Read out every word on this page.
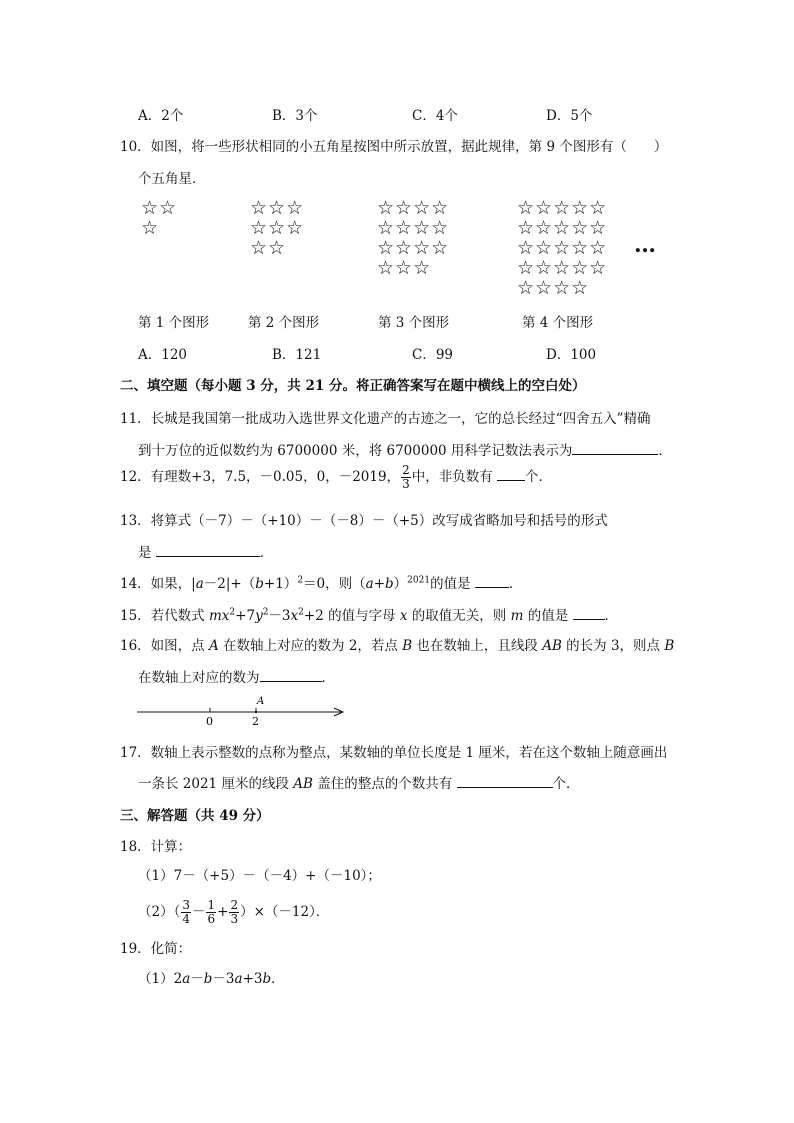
A．2个	B．3个	C．4个	D．5个
10．如图，将一些形状相同的小五角星按图中所示放置，据此规律，第 9 个图形有（　　）
个五角星．
☆☆
☆
☆☆☆
☆☆☆
☆☆
☆☆☆☆
☆☆☆☆
☆☆☆☆
☆☆☆
☆☆☆☆☆
☆☆☆☆☆
☆☆☆☆☆
☆☆☆☆☆
☆☆☆☆
…
第 1 个图形	第 2 个图形	第 3 个图形	第 4 个图形
A．120	B．121	C．99	D．100
二、填空题（每小题 3 分，共 21 分。将正确答案写在题中横线上的空白处）
11．长城是我国第一批成功入选世界文化遗产的古迹之一，它的总长经过“四舍五入”精确
到十万位的近似数约为 6700000 米，将 6700000 用科学记数法表示为	．
12．有理数+3，7.5，－0.05，0，－2019， $\frac{2}{3}$ 中，非负数有 个．
13．将算式（－7）－（+10）－（－8）－（+5）改写成省略加号和括号的形式
是	．
14．如果，$|a-2|+(b+1)^2=0$，则$(a+b)^{2021}$的值是	．
15．若代数式 $mx^2+7y^2-3x^2+2$ 的值与字母 x 的取值无关，则 m 的值是 ．
16．如图，点 A 在数轴上对应的数为 2，若点 B 也在数轴上，且线段 AB 的长为 3，则点 B
在数轴上对应的数为	．
A
0	2
17．数轴上表示整数的点称为整点，某数轴的单位长度是 1 厘米，若在这个数轴上随意画出
一条长 2021 厘米的线段 AB 盖住的整点的个数共有	个．
三、解答题（共 49 分）
18．计算：
（1）7－（+5）－（－4）+（－10）；
$(2)( \frac{3}{4} - \frac{1}{6} + \frac{2}{3} )\times(-12)$．
19．化简：
（1）2a－b－3a+3b．
